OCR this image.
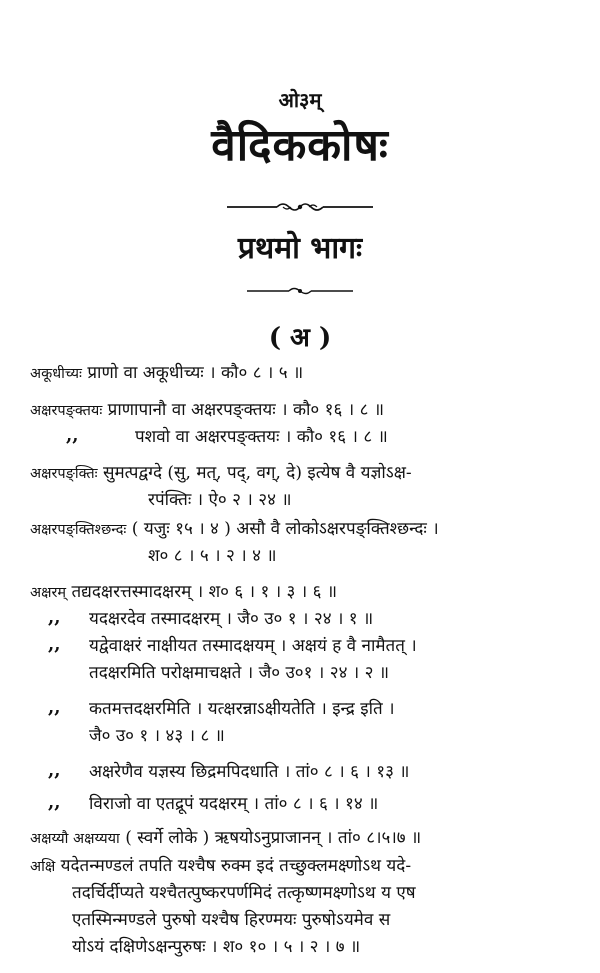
ओ३म्
वैदिककोषः
प्रथमो भागः
( अ )
अकूधीच्यः प्राणो वा अकूधीच्यः । कौ० ८ । ५ ॥
अक्षरपङ्क्तयः प्राणापानौ वा अक्षरपङ्क्तयः । कौ० १६ । ८ ॥
,,	पशवो वा अक्षरपङ्क्तयः । कौ० १६ । ८ ॥
अक्षरपङ्क्तिः सुमत्पद्वग्दे (सु, मत्, पद्, वग्, दे) इत्येष वै यज्ञोऽक्ष-
रपंक्तिः । ऐ० २ । २४ ॥
अक्षरपङ्क्तिश्छन्दः ( यजुः १५ । ४ ) असौ वै लोकोऽक्षरपङ्क्तिश्छन्दः ।
श० ८ । ५ । २ । ४ ॥
अक्षरम् तद्यदक्षरत्तस्मादक्षरम् । श० ६ । १ । ३ । ६ ॥
,, यदक्षरदेव तस्मादक्षरम् । जै० उ० १ । २४ । १ ॥
,, यद्वेवाक्षरं नाक्षीयत तस्मादक्षयम् । अक्षयं ह वै नामैतत् ।
तदक्षरमिति परोक्षमाचक्षते । जै० उ०१ । २४ । २ ॥
,, कतमत्तदक्षरमिति । यत्क्षरन्नाऽक्षीयतेति । इन्द्र इति ।
जै० उ० १ । ४३ । ८ ॥
,, अक्षरेणैव यज्ञस्य छिद्रमपिदधाति । तां० ८ । ६ । १३ ॥
,, विराजो वा एतद्रूपं यदक्षरम् । तां० ८ । ६ । १४ ॥
अक्षय्यौ अक्षय्यया ( स्वर्गे लोके ) ऋषयोऽनुप्राजानन् । तां० ८।५।७ ॥
अक्षि यदेतन्मण्डलं तपति यश्चैष रुक्म इदं तच्छुक्लमक्ष्णोऽथ यदे-
तदर्चिर्दीप्यते यश्चैतत्पुष्करपर्णमिदं तत्कृष्णमक्ष्णोऽथ य एष
एतस्मिन्मण्डले पुरुषो यश्चैष हिरण्मयः पुरुषोऽयमेव स
योऽयं दक्षिणेऽक्षन्पुरुषः । श० १० । ५ । २ । ७ ॥
